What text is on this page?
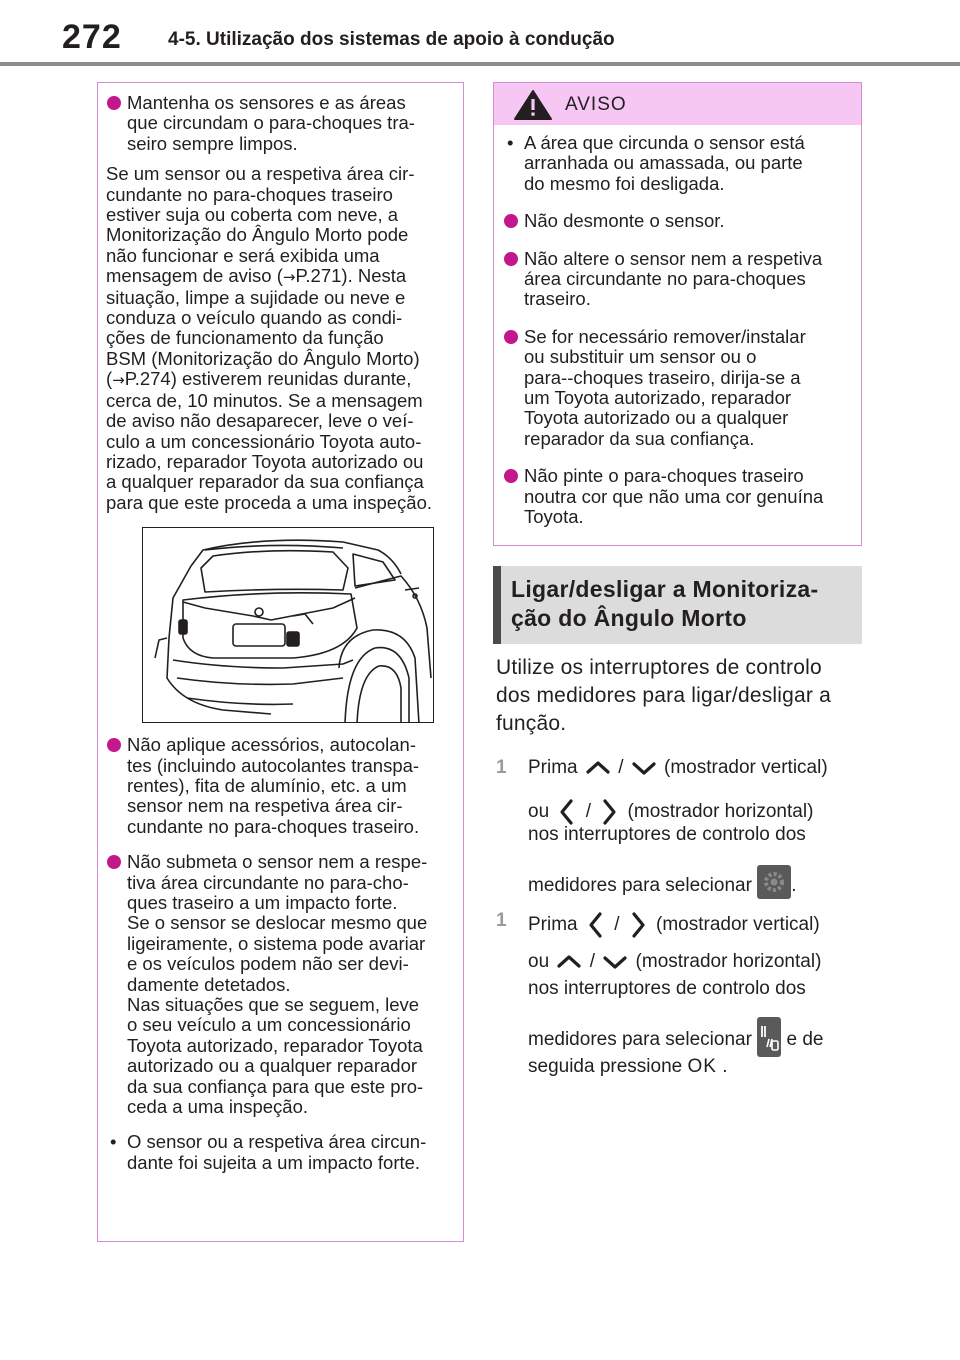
272 4-5. Utilização dos sistemas de apoio à condução
Mantenha os sensores e as áreas
que circundam o para-choques tra-
seiro sempre limpos.
Se um sensor ou a respetiva área cir-
cundante no para-choques traseiro
estiver suja ou coberta com neve, a
Monitorização do Ângulo Morto pode
não funcionar e será exibida uma
mensagem de aviso (→P.271). Nesta
situação, limpe a sujidade ou neve e
conduza o veículo quando as condi-
ções de funcionamento da função
BSM (Monitorização do Ângulo Morto)
(→P.274) estiverem reunidas durante,
cerca de, 10 minutos. Se a mensagem
de aviso não desaparecer, leve o veí-
culo a um concessionário Toyota auto-
rizado, reparador Toyota autorizado ou
a qualquer reparador da sua confiança
para que este proceda a uma inspeção.
Não aplique acessórios, autocolan-
tes (incluindo autocolantes transpa-
rentes), fita de alumínio, etc. a um
sensor nem na respetiva área cir-
cundante no para-choques traseiro.
Não submeta o sensor nem a respe-
tiva área circundante no para-cho-
ques traseiro a um impacto forte.
Se o sensor se deslocar mesmo que
ligeiramente, o sistema pode avariar
e os veículos podem não ser devi-
damente detetados.
Nas situações que se seguem, leve
o seu veículo a um concessionário
Toyota autorizado, reparador Toyota
autorizado ou a qualquer reparador
da sua confiança para que este pro-
ceda a uma inspeção.
• O sensor ou a respetiva área circun-
dante foi sujeita a um impacto forte.
AVISO
• A área que circunda o sensor está
arranhada ou amassada, ou parte
do mesmo foi desligada.
Não desmonte o sensor.
Não altere o sensor nem a respetiva
área circundante no para-choques
traseiro.
Se for necessário remover/instalar
ou substituir um sensor ou o
para--choques traseiro, dirija-se a
um Toyota autorizado, reparador
Toyota autorizado ou a qualquer
reparador da sua confiança.
Não pinte o para-choques traseiro
noutra cor que não uma cor genuína
Toyota.
Ligar/desligar a Monitoriza-
ção do Ângulo Morto
Utilize os interruptores de controlo
dos medidores para ligar/desligar a
função.
1 Prima / (mostrador vertical)
ou / (mostrador horizontal)
nos interruptores de controlo dos
medidores para selecionar .
1 Prima / (mostrador vertical)
ou / (mostrador horizontal)
nos interruptores de controlo dos
medidores para selecionar e de
seguida pressione OK .
